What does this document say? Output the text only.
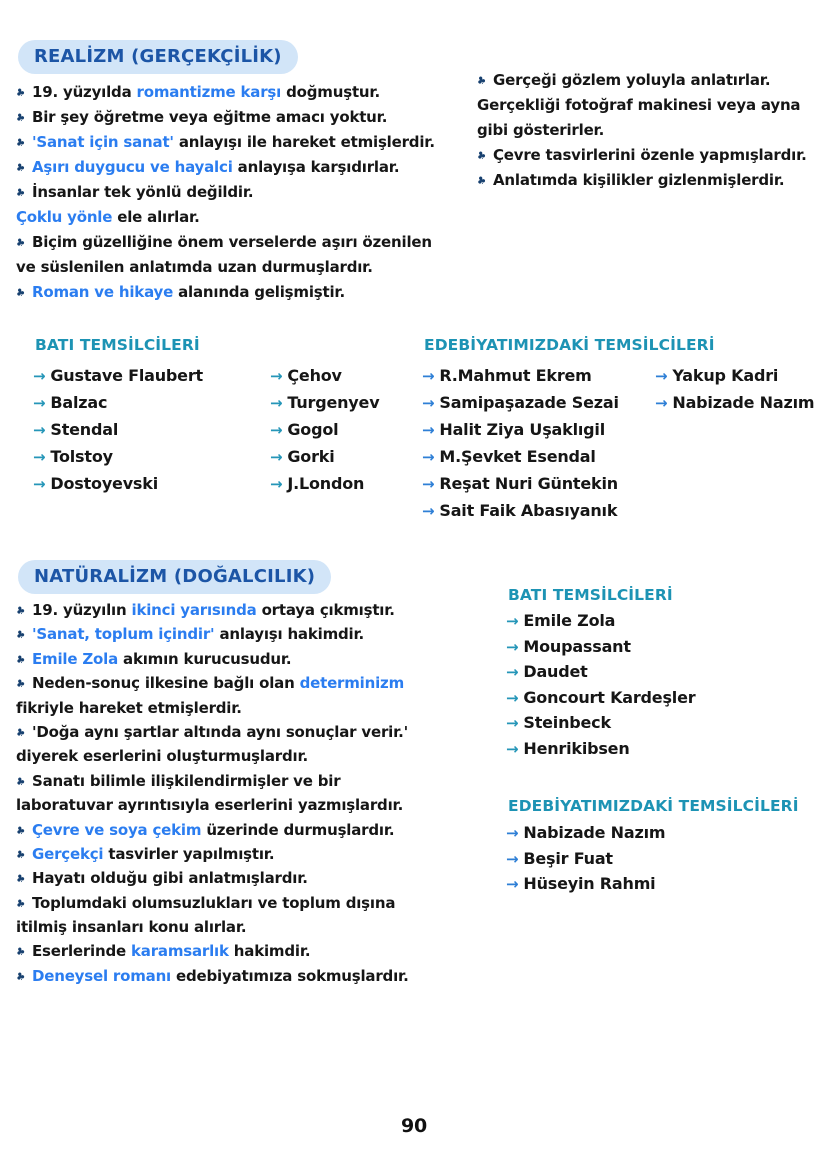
REALİZM (GERÇEKÇİLİK)
♣ 19. yüzyılda romantizme karşı doğmuştur.
♣ Bir şey öğretme veya eğitme amacı yoktur.
♣ 'Sanat için sanat' anlayışı ile hareket etmişlerdir.
♣ Aşırı duygucu ve hayalci anlayışa karşıdırlar.
♣ İnsanlar tek yönlü değildir.
Çoklu yönle ele alırlar.
♣ Biçim güzelliğine önem verselerde aşırı özenilen
ve süslenilen anlatımda uzan durmuşlardır.
♣ Roman ve hikaye alanında gelişmiştir.
♣ Gerçeği gözlem yoluyla anlatırlar.
Gerçekliği fotoğraf makinesi veya ayna
gibi gösterirler.
♣ Çevre tasvirlerini özenle yapmışlardır.
♣ Anlatımda kişilikler gizlenmişlerdir.
BATI TEMSİLCİLERİ
→ Gustave Flaubert
→ Balzac
→ Stendal
→ Tolstoy
→ Dostoyevski
→ Çehov
→ Turgenyev
→ Gogol
→ Gorki
→ J.London
EDEBİYATIMIZDAKİ TEMSİLCİLERİ
→ R.Mahmut Ekrem
→ Samipaşazade Sezai
→ Halit Ziya Uşaklıgil
→ M.Şevket Esendal
→ Reşat Nuri Güntekin
→ Sait Faik Abasıyanık
→ Yakup Kadri
→ Nabizade Nazım
NATÜRALİZM (DOĞALCILIK)
♣ 19. yüzyılın ikinci yarısında ortaya çıkmıştır.
♣ 'Sanat, toplum içindir' anlayışı hakimdir.
♣ Emile Zola akımın kurucusudur.
♣ Neden-sonuç ilkesine bağlı olan determinizm
fikriyle hareket etmişlerdir.
♣ 'Doğa aynı şartlar altında aynı sonuçlar verir.'
diyerek eserlerini oluşturmuşlardır.
♣ Sanatı bilimle ilişkilendirmişler ve bir
laboratuvar ayrıntısıyla eserlerini yazmışlardır.
♣ Çevre ve soya çekim üzerinde durmuşlardır.
♣ Gerçekçi tasvirler yapılmıştır.
♣ Hayatı olduğu gibi anlatmışlardır.
♣ Toplumdaki olumsuzlukları ve toplum dışına
itilmiş insanları konu alırlar.
♣ Eserlerinde karamsarlık hakimdir.
♣ Deneysel romanı edebiyatımıza sokmuşlardır.
BATI TEMSİLCİLERİ
→ Emile Zola
→ Moupassant
→ Daudet
→ Goncourt Kardeşler
→ Steinbeck
→ Henrikibsen
EDEBİYATIMIZDAKİ TEMSİLCİLERİ
→ Nabizade Nazım
→ Beşir Fuat
→ Hüseyin Rahmi
90
